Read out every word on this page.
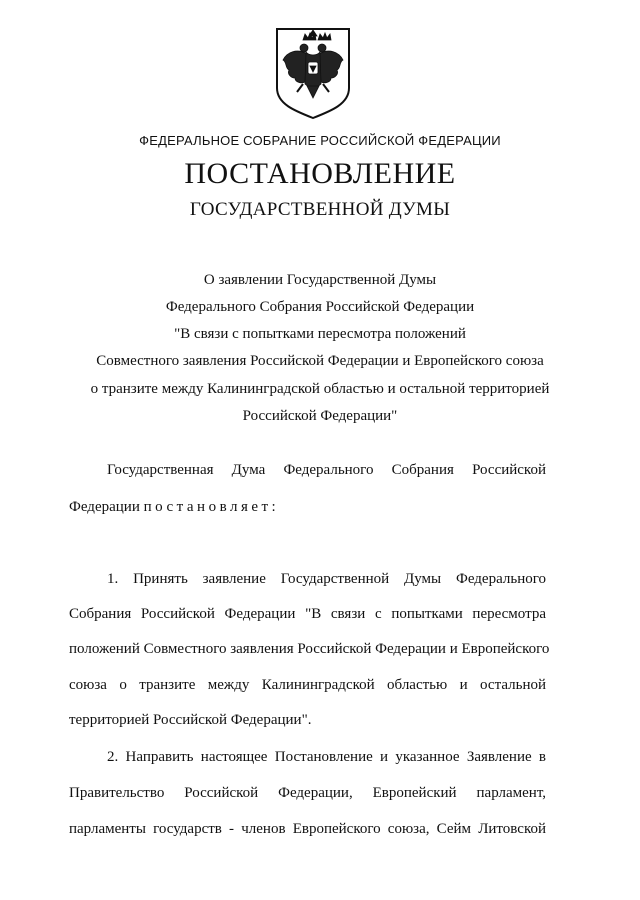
ФЕДЕРАЛЬНОЕ СОБРАНИЕ РОССИЙСКОЙ ФЕДЕРАЦИИ
ПОСТАНОВЛЕНИЕ
ГОСУДАРСТВЕННОЙ ДУМЫ
О заявлении Государственной Думы
Федерального Собрания Российской Федерации
"В связи с попытками пересмотра положений
Совместного заявления Российской Федерации и Европейского союза
о транзите между Калининградской областью и остальной территорией
Российской Федерации"
Государственная Дума Федерального Собрания Российской
Федерации постановляет:
1. Принять заявление Государственной Думы Федерального
Собрания Российской Федерации "В связи с попытками пересмотра
положений Совместного заявления Российской Федерации и Европейского
союза о транзите между Калининградской областью и остальной
территорией Российской Федерации".
2. Направить настоящее Постановление и указанное Заявление в
Правительство Российской Федерации, Европейский парламент,
парламенты государств - членов Европейского союза, Сейм Литовской
